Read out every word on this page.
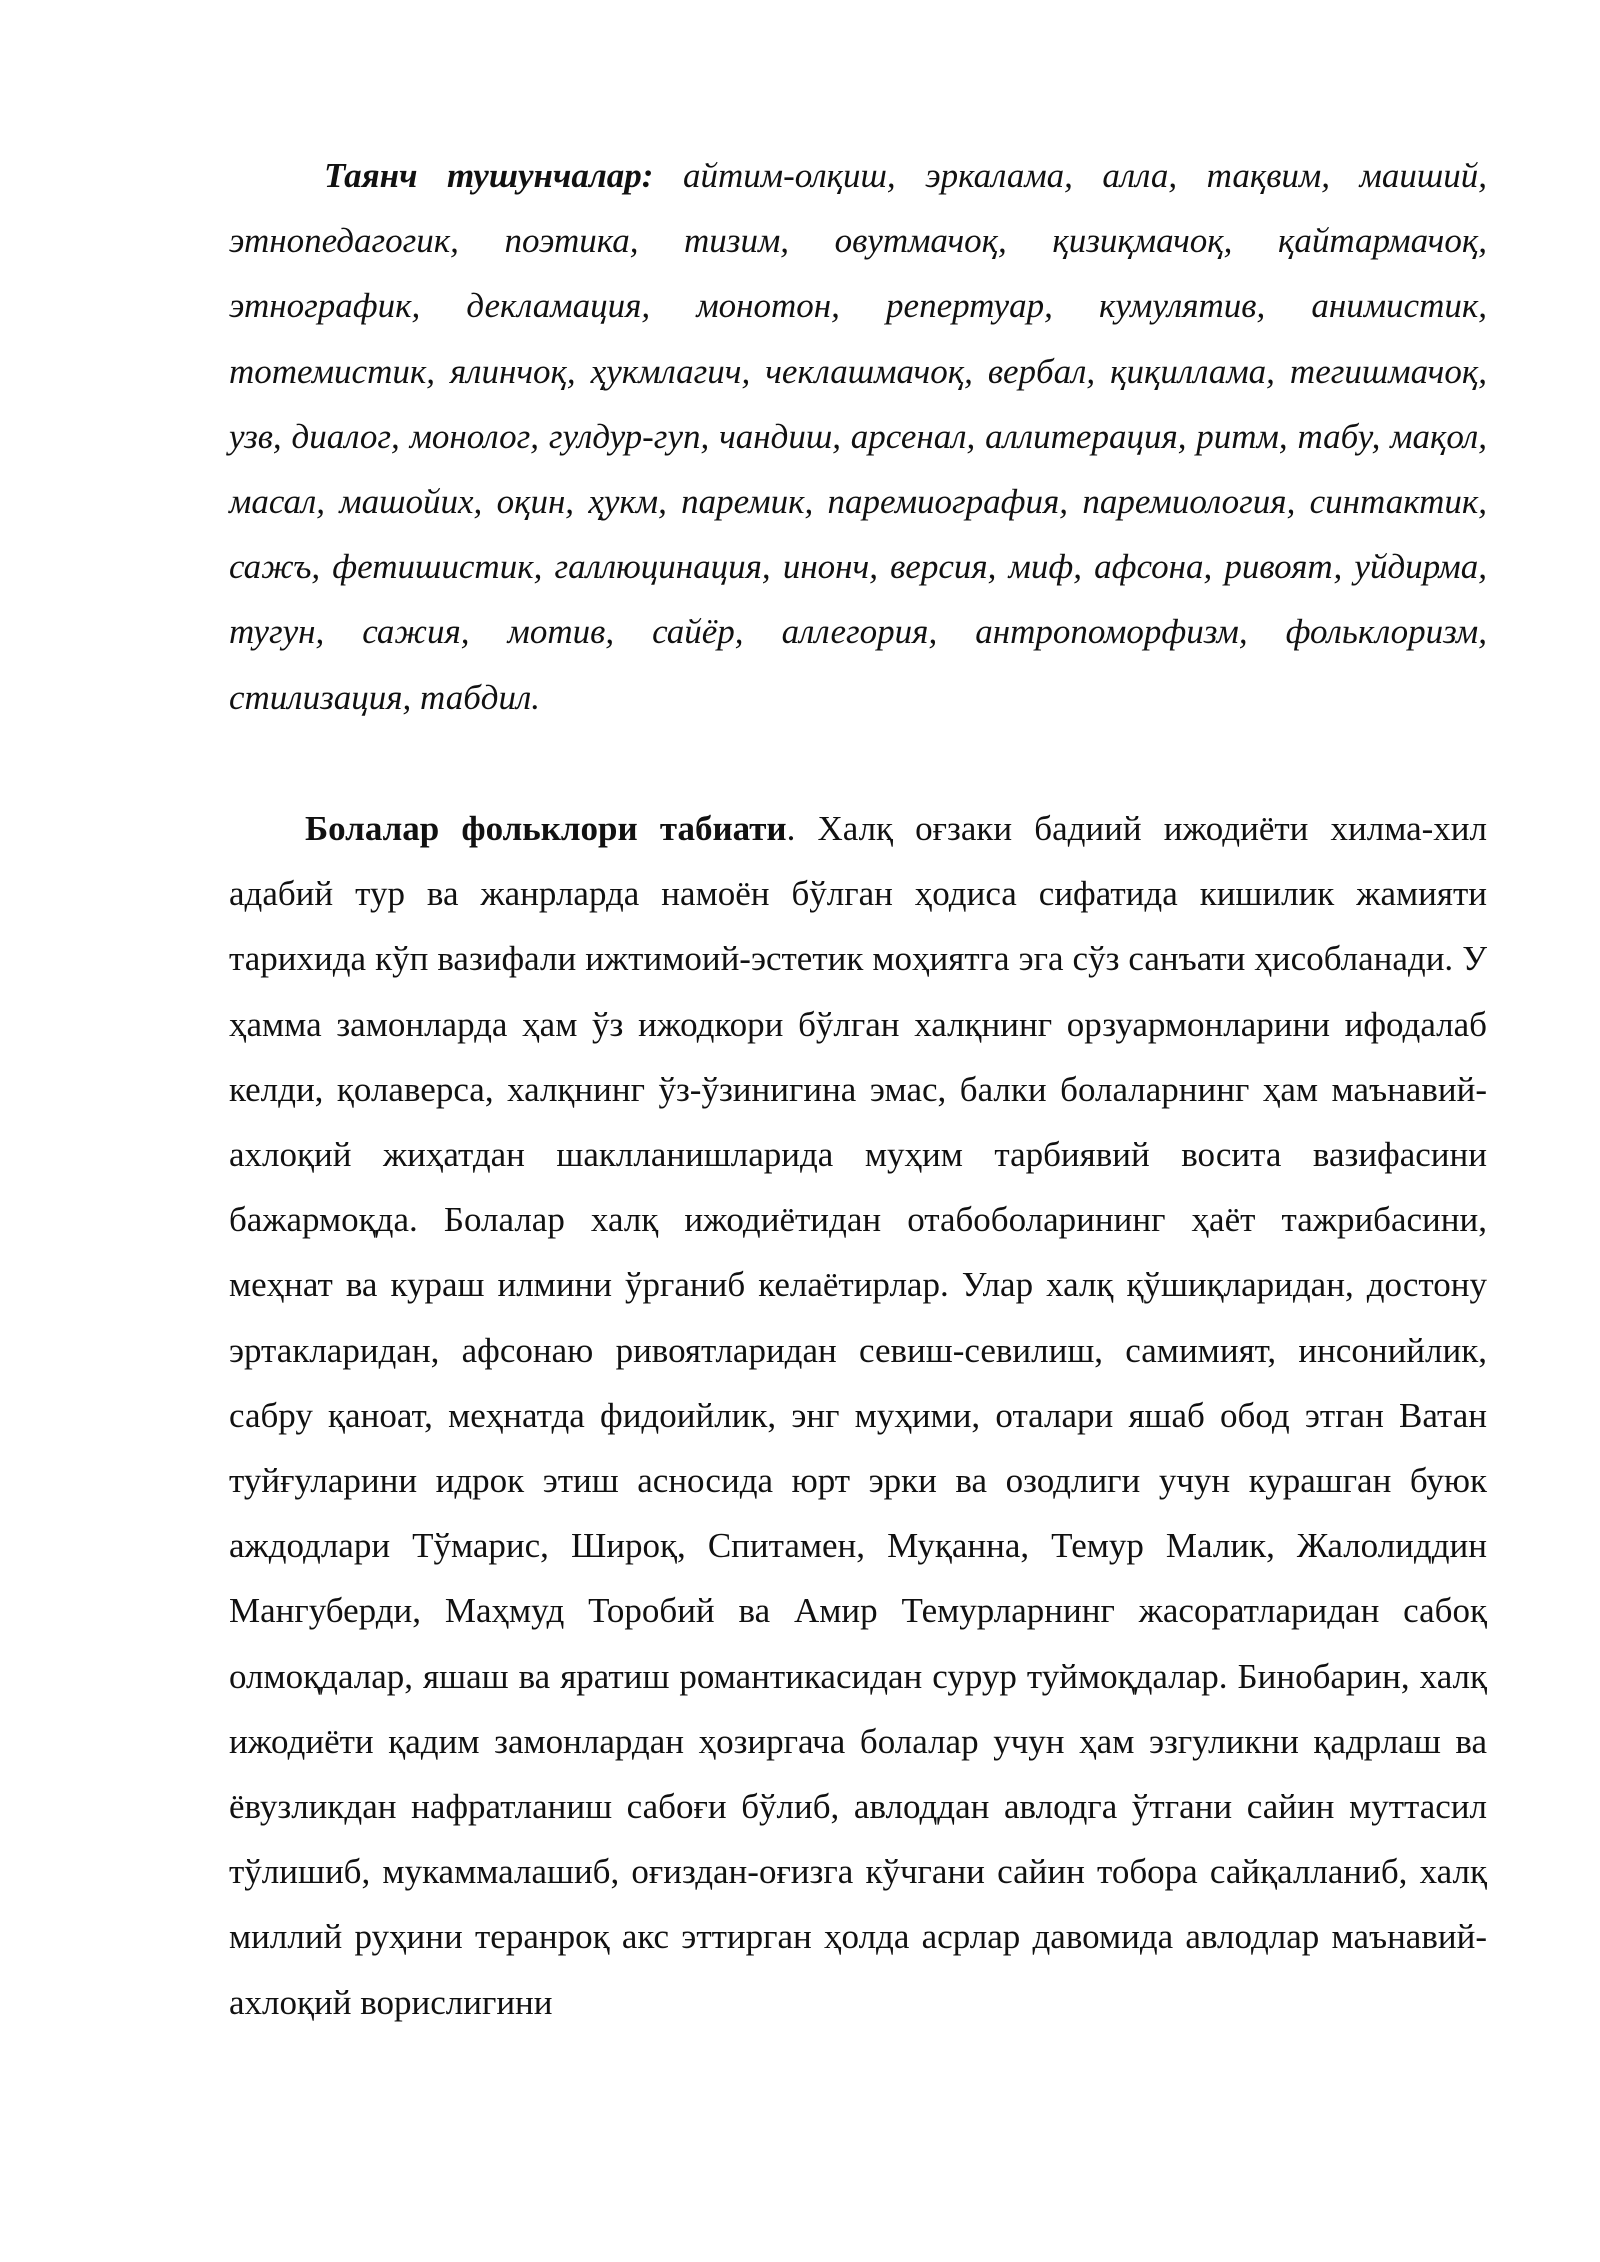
Таянч тушунчалар: айтим-олқиш, эркалама, алла, тақвим, маиший, этнопедагогик, поэтика, тизим, овутмачоқ, қизиқмачоқ, қайтармачоқ, этнографик, декламация, монотон, репертуар, кумулятив, анимистик, тотемистик, ялинчоқ, ҳукмлагич, чеклашмачоқ, вербал, қиқиллама, тегишмачоқ, узв, диалог, монолог, гулдур-гуп, чандиш, арсенал, аллитерация, ритм, табу, мақол, масал, машойих, оқин, ҳукм, паремик, паремиография, паремиология, синтактик, сажъ, фетишистик, галлюцинация, инонч, версия, миф, афсона, ривоят, уйдирма, тугун, сажия, мотив, сайёр, аллегория, антропоморфизм, фольклоризм, стилизация, табдил.

Болалар фольклори табиати. Халқ оғзаки бадиий ижодиёти хилма-хил адабий тур ва жанрларда намоён бўлган ҳодиса сифатида кишилик жамияти тарихида кўп вазифали ижтимоий-эстетик моҳиятга эга сўз санъати ҳисобланади. У ҳамма замонларда ҳам ўз ижодкори бўлган халқнинг орзуармонларини ифодалаб келди, қолаверса, халқнинг ўз-ўзинигина эмас, балки болаларнинг ҳам маънавий-ахлоқий жиҳатдан шаклланишларида муҳим тарбиявий восита вазифасини бажармоқда. Болалар халқ ижодиётидан отабоболарининг ҳаёт тажрибасини, меҳнат ва кураш илмини ўрганиб келаётирлар. Улар халқ қўшиқларидан, достону эртакларидан, афсонаю ривоятларидан севиш-севилиш, самимият, инсонийлик, сабру қаноат, меҳнатда фидоийлик, энг муҳими, оталари яшаб обод этган Ватан туйғуларини идрок этиш асносида юрт эрки ва озодлиги учун курашган буюк аждодлари Тўмарис, Широқ, Спитамен, Муқанна, Темур Малик, Жалолиддин Мангуберди, Маҳмуд Торобий ва Амир Темурларнинг жасоратларидан сабоқ олмоқдалар, яшаш ва яратиш романтикасидан сурур туймоқдалар. Бинобарин, халқ ижодиёти қадим замонлардан ҳозиргача болалар учун ҳам эзгуликни қадрлаш ва ёвузликдан нафратланиш сабоғи бўлиб, авлоддан авлодга ўтгани сайин муттасил тўлишиб, мукаммалашиб, оғиздан-оғизга кўчгани сайин тобора сайқалланиб, халқ миллий руҳини теранроқ акс эттирган ҳолда асрлар давомида авлодлар маънавий-ахлоқий ворислигини
